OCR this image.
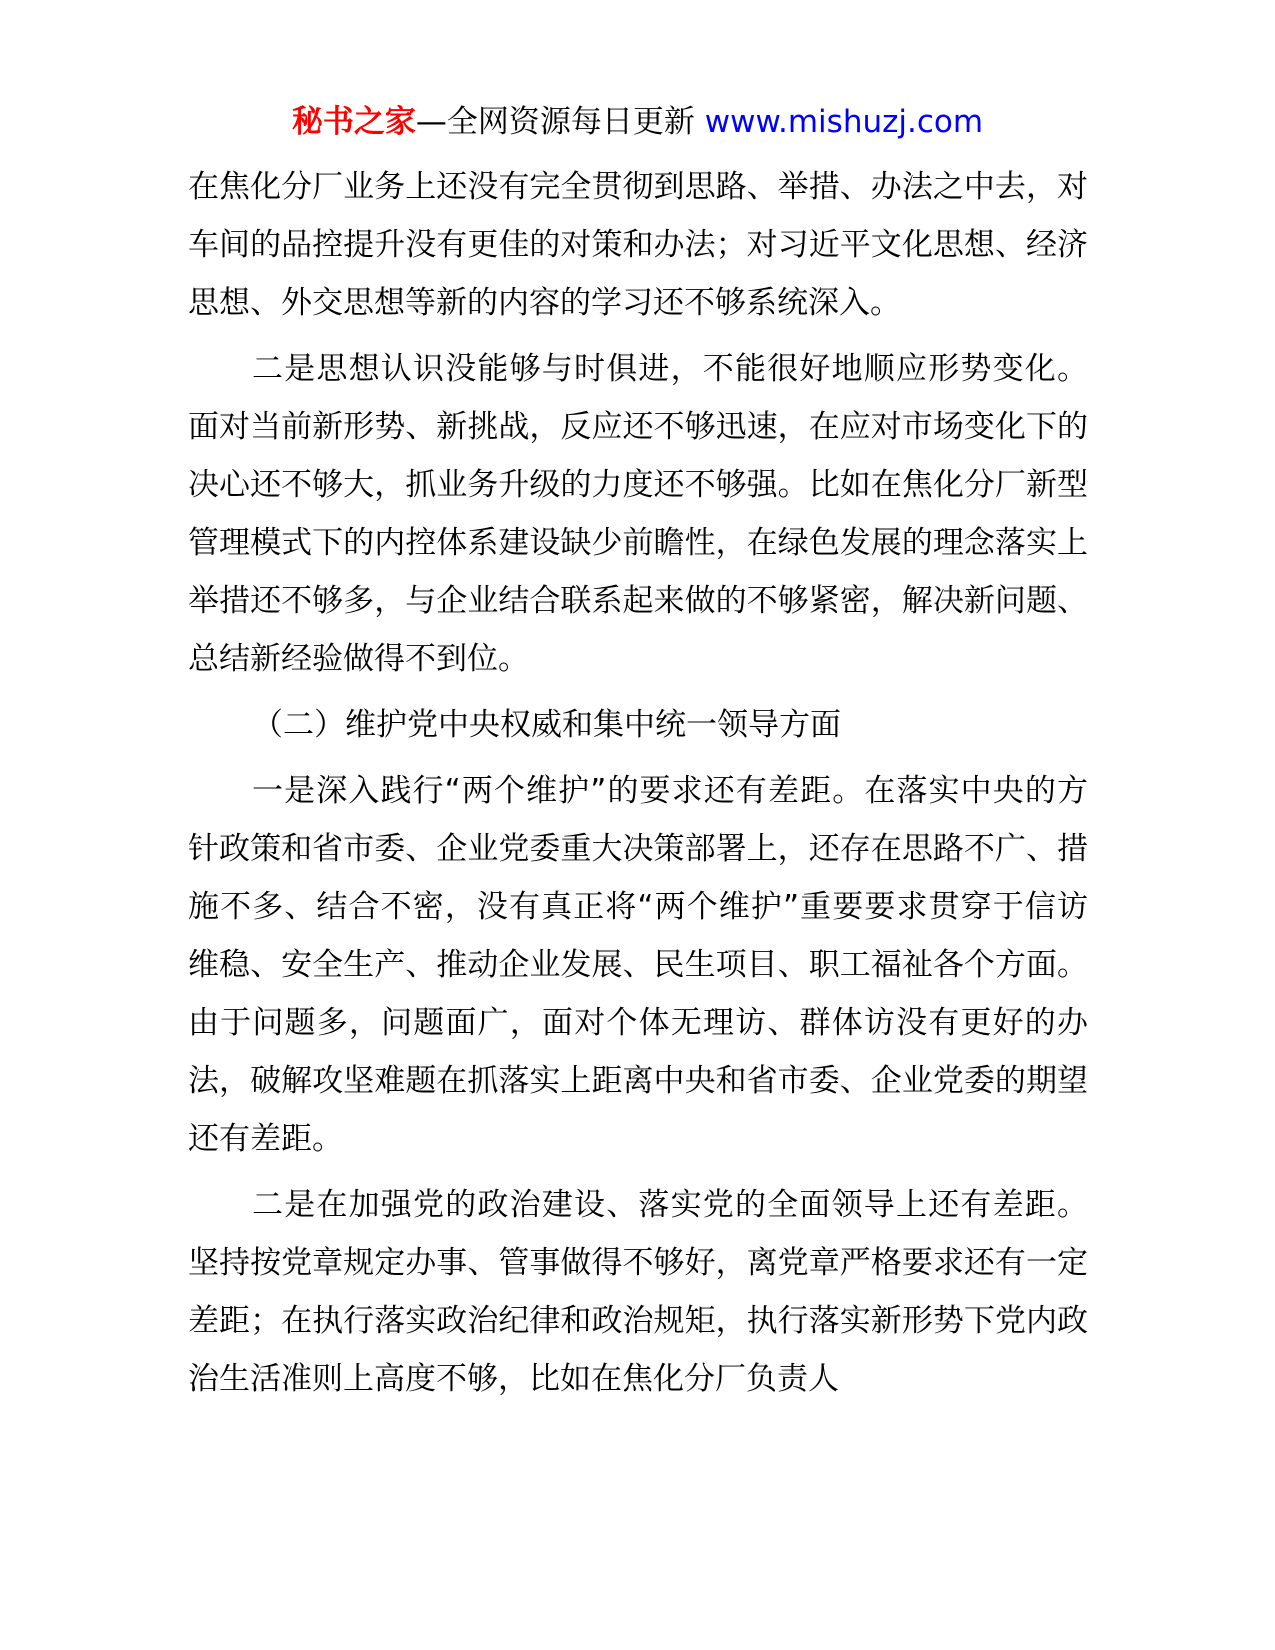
秘书之家—全网资源每日更新 www.mishuzj.com

在焦化分厂业务上还没有完全贯彻到思路、举措、办法之中去，对车间的品控提升没有更佳的对策和办法；对习近平文化思想、经济思想、外交思想等新的内容的学习还不够系统深入。

二是思想认识没能够与时俱进，不能很好地顺应形势变化。面对当前新形势、新挑战，反应还不够迅速，在应对市场变化下的决心还不够大，抓业务升级的力度还不够强。比如在焦化分厂新型管理模式下的内控体系建设缺少前瞻性，在绿色发展的理念落实上举措还不够多，与企业结合联系起来做的不够紧密，解决新问题、总结新经验做得不到位。

（二）维护党中央权威和集中统一领导方面

一是深入践行“两个维护”的要求还有差距。在落实中央的方针政策和省市委、企业党委重大决策部署上，还存在思路不广、措施不多、结合不密，没有真正将“两个维护”重要要求贯穿于信访维稳、安全生产、推动企业发展、民生项目、职工福祉各个方面。由于问题多，问题面广，面对个体无理访、群体访没有更好的办法，破解攻坚难题在抓落实上距离中央和省市委、企业党委的期望还有差距。

二是在加强党的政治建设、落实党的全面领导上还有差距。坚持按党章规定办事、管事做得不够好，离党章严格要求还有一定差距；在执行落实政治纪律和政治规矩，执行落实新形势下党内政治生活准则上高度不够，比如在焦化分厂负责人
